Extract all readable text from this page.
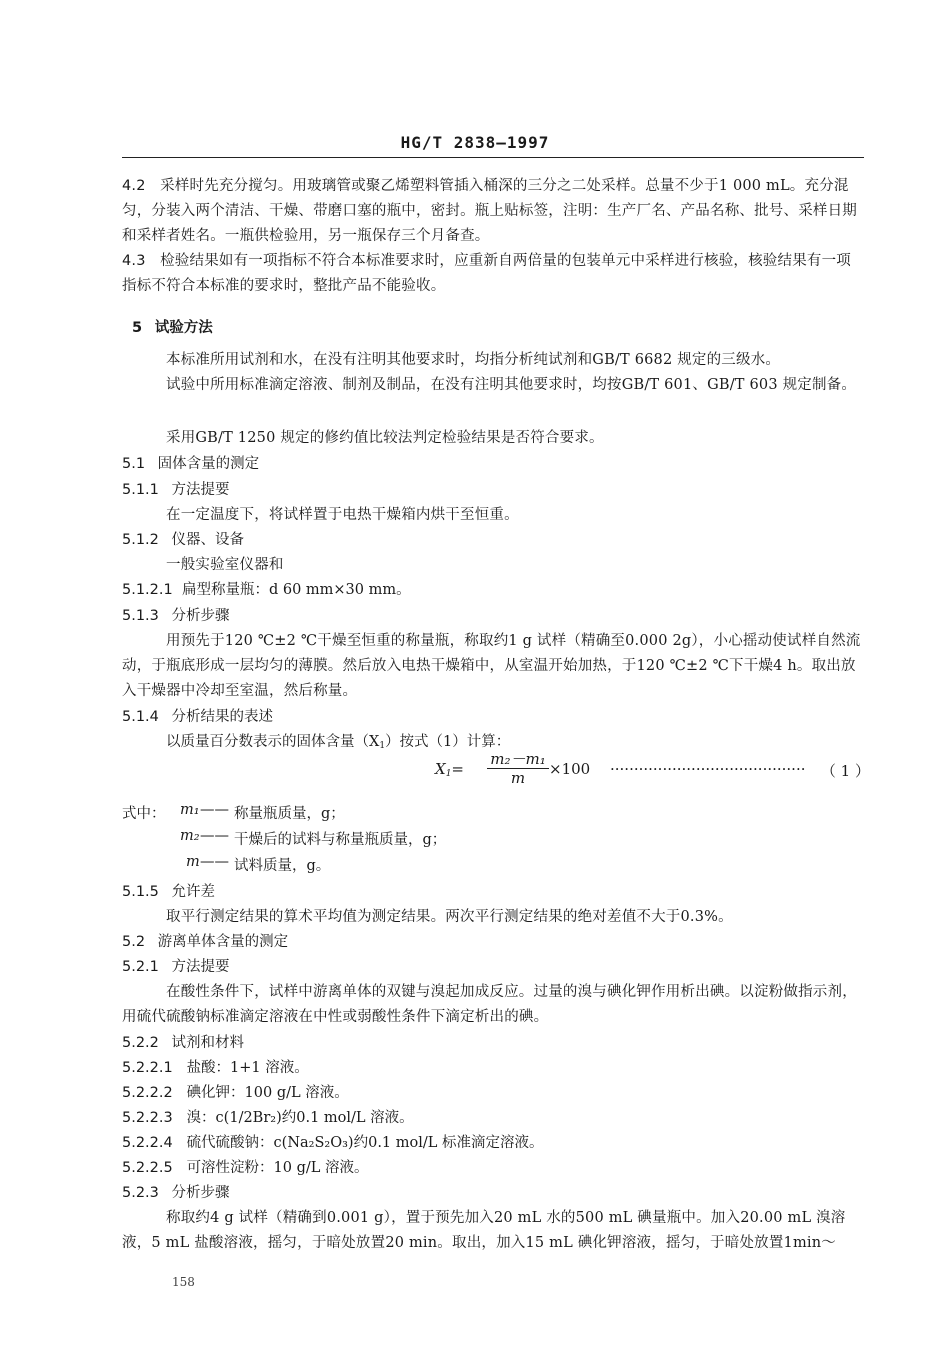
HG/T 2838—1997
4.2 采样时先充分搅匀。用玻璃管或聚乙烯塑料管插入桶深的三分之二处采样。总量不少于1 000 mL。充分混匀，分装入两个清洁、干燥、带磨口塞的瓶中，密封。瓶上贴标签，注明：生产厂名、产品名称、批号、采样日期和采样者姓名。一瓶供检验用，另一瓶保存三个月备查。
4.3 检验结果如有一项指标不符合本标准要求时，应重新自两倍量的包装单元中采样进行核验，核验结果有一项指标不符合本标准的要求时，整批产品不能验收。
5 试验方法
本标准所用试剂和水，在没有注明其他要求时，均指分析纯试剂和GB/T 6682 规定的三级水。
试验中所用标准滴定溶液、制剂及制品，在没有注明其他要求时，均按GB/T 601、GB/T 603 规定制备。
采用GB/T 1250 规定的修约值比较法判定检验结果是否符合要求。
5.1 固体含量的测定
5.1.1 方法提要
在一定温度下，将试样置于电热干燥箱内烘干至恒重。
5.1.2 仪器、设备
一般实验室仪器和
5.1.2.1 扁型称量瓶：d 60 mm×30 mm。
5.1.3 分析步骤
用预先于120 ℃±2 ℃干燥至恒重的称量瓶，称取约1 g 试样（精确至0.000 2g），小心摇动使试样自然流动，于瓶底形成一层均匀的薄膜。然后放入电热干燥箱中，从室温开始加热，于120 ℃±2 ℃下干燥4 h。取出放入干燥器中冷却至室温，然后称量。
5.1.4 分析结果的表述
以质量百分数表示的固体含量$(X_1)$按式（1）计算：
$X_1= \frac{\text{m₂－m₁}}{m} \times 100$ ········································· （ 1 ）
式中： m₁ —— 称量瓶质量，g；
m₂ —— 干燥后的试料与称量瓶质量，g；
m —— 试料质量，g。
5.1.5 允许差
取平行测定结果的算术平均值为测定结果。两次平行测定结果的绝对差值不大于0.3%。
5.2 游离单体含量的测定
5.2.1 方法提要
在酸性条件下，试样中游离单体的双键与溴起加成反应。过量的溴与碘化钾作用析出碘。以淀粉做指示剂，用硫代硫酸钠标准滴定溶液在中性或弱酸性条件下滴定析出的碘。
5.2.2 试剂和材料
5.2.2.1 盐酸：1+1 溶液。
5.2.2.2 碘化钾：100 g/L 溶液。
5.2.2.3 溴：c(1/2Br₂)约0.1 mol/L 溶液。
5.2.2.4 硫代硫酸钠：c(Na₂S₂O₃)约0.1 mol/L 标准滴定溶液。
5.2.2.5 可溶性淀粉：10 g/L 溶液。
5.2.3 分析步骤
称取约4 g 试样（精确到0.001 g），置于预先加入20 mL 水的500 mL 碘量瓶中。加入20.00 mL 溴溶液，5 mL 盐酸溶液，摇匀，于暗处放置20 min。取出，加入15 mL 碘化钾溶液，摇匀，于暗处放置1min～
158
